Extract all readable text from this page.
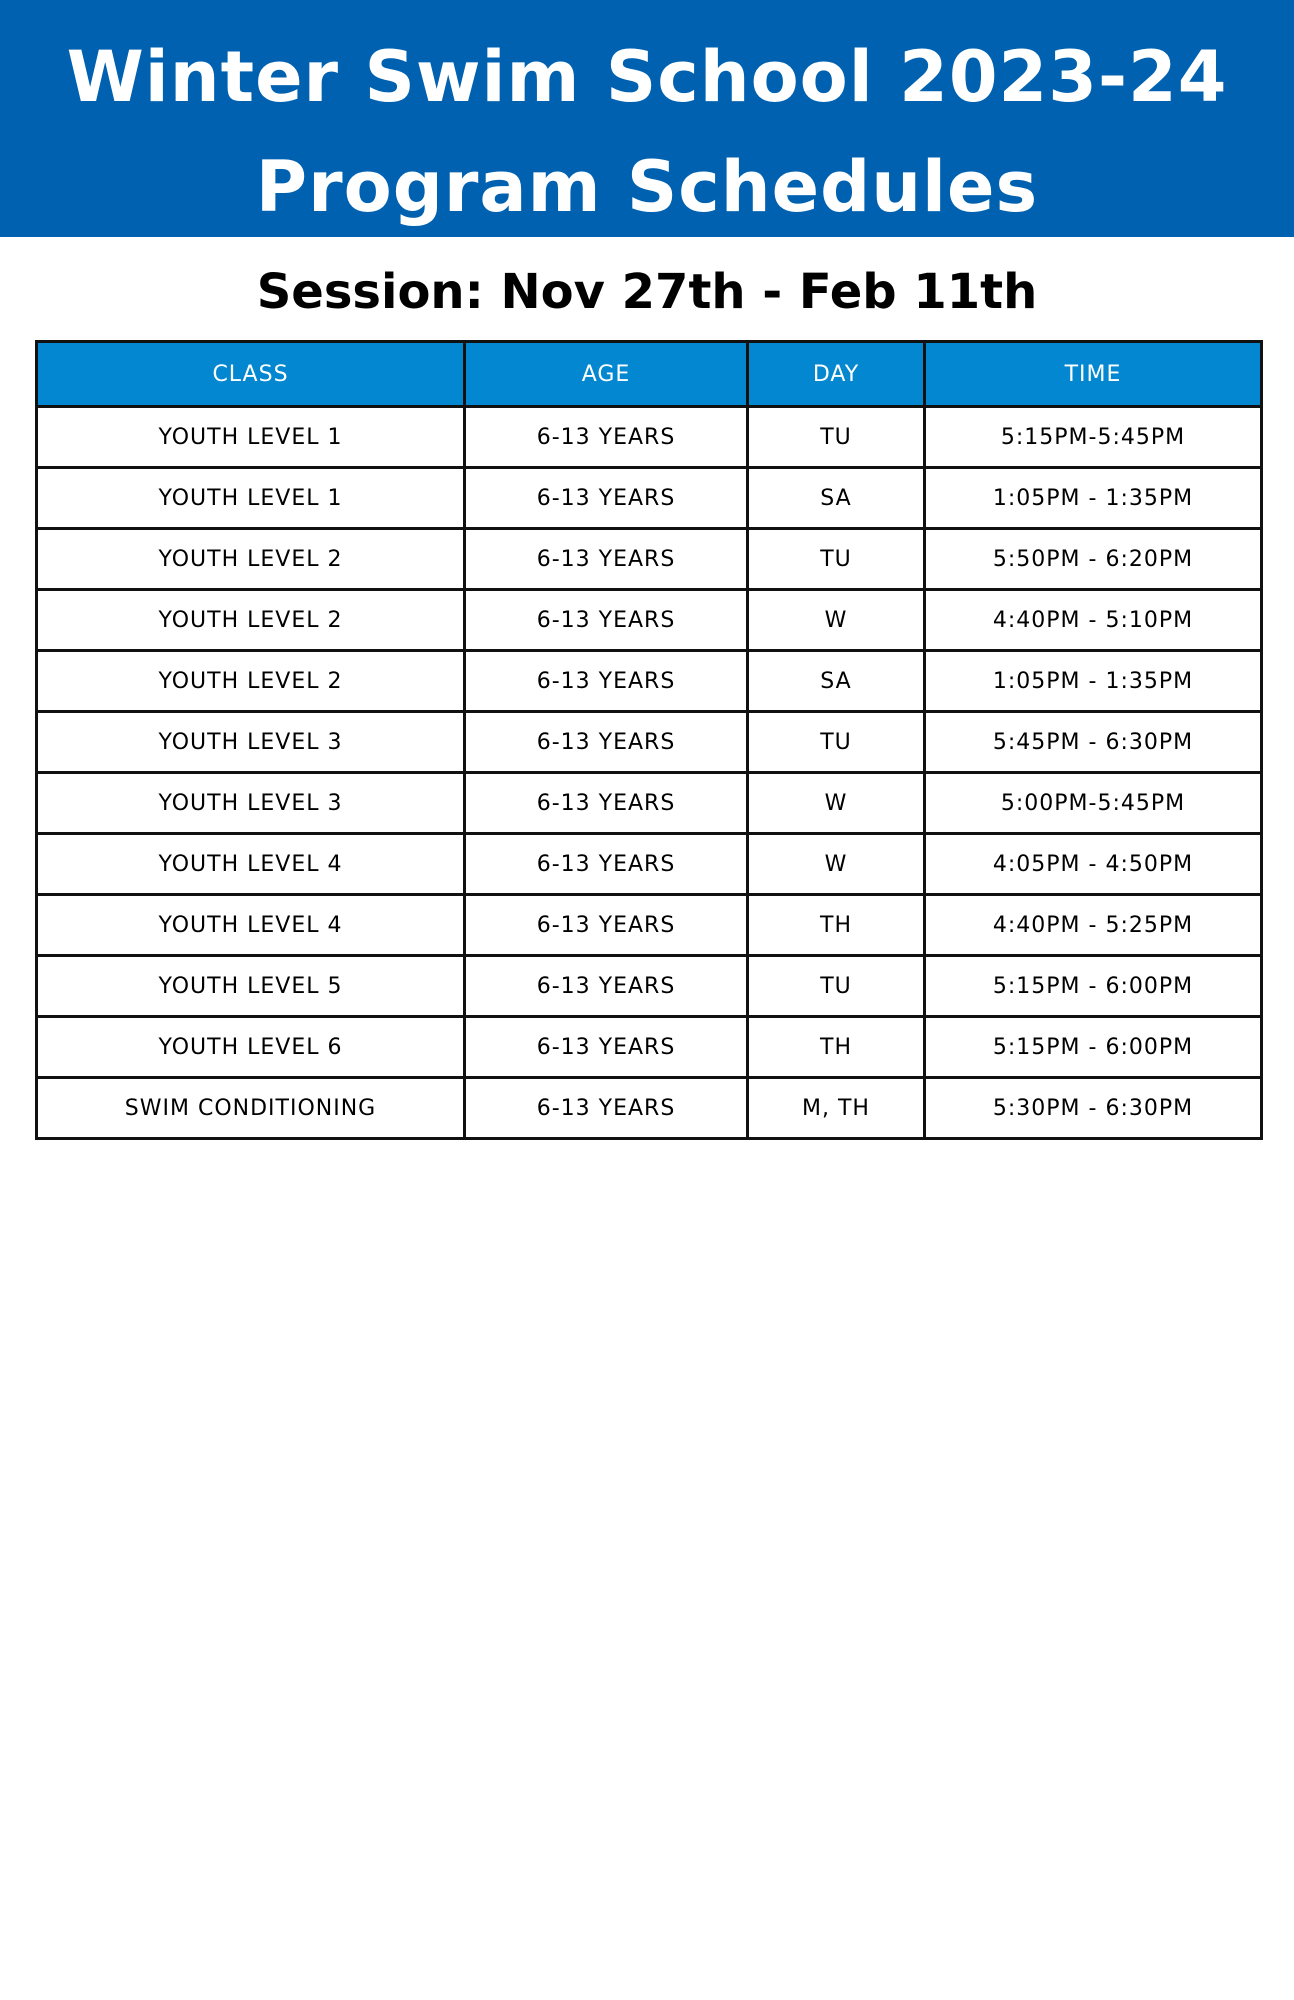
Winter Swim School 2023-24
Program Schedules
Session: Nov 27th - Feb 11th
CLASS	AGE	DAY	TIME
YOUTH LEVEL 1	6-13 YEARS	TU	5:15PM-5:45PM
YOUTH LEVEL 1	6-13 YEARS	SA	1:05PM - 1:35PM
YOUTH LEVEL 2	6-13 YEARS	TU	5:50PM - 6:20PM
YOUTH LEVEL 2	6-13 YEARS	W	4:40PM - 5:10PM
YOUTH LEVEL 2	6-13 YEARS	SA	1:05PM - 1:35PM
YOUTH LEVEL 3	6-13 YEARS	TU	5:45PM - 6:30PM
YOUTH LEVEL 3	6-13 YEARS	W	5:00PM-5:45PM
YOUTH LEVEL 4	6-13 YEARS	W	4:05PM - 4:50PM
YOUTH LEVEL 4	6-13 YEARS	TH	4:40PM - 5:25PM
YOUTH LEVEL 5	6-13 YEARS	TU	5:15PM - 6:00PM
YOUTH LEVEL 6	6-13 YEARS	TH	5:15PM - 6:00PM
SWIM CONDITIONING	6-13 YEARS	M, TH	5:30PM - 6:30PM
